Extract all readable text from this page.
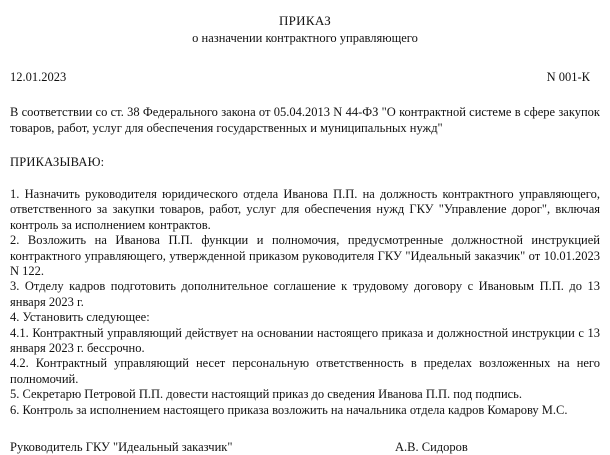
ПРИКАЗ
о назначении контрактного управляющего
12.01.2023	N 001-К

В соответствии со ст. 38 Федерального закона от 05.04.2013 N 44-ФЗ "О контрактной системе в сфере закупок товаров, работ, услуг для обеспечения государственных и муниципальных нужд"

ПРИКАЗЫВАЮ:

1. Назначить руководителя юридического отдела Иванова П.П. на должность контрактного управляющего, ответственного за закупки товаров, работ, услуг для обеспечения нужд ГКУ "Управление дорог", включая контроль за исполнением контрактов.

2. Возложить на Иванова П.П. функции и полномочия, предусмотренные должностной инструкцией контрактного управляющего, утвержденной приказом руководителя ГКУ "Идеальный заказчик" от 10.01.2023 N 122.

3. Отделу кадров подготовить дополнительное соглашение к трудовому договору с Ивановым П.П. до 13 января 2023 г.

4. Установить следующее:

4.1. Контрактный управляющий действует на основании настоящего приказа и должностной инструкции с 13 января 2023 г. бессрочно.

4.2. Контрактный управляющий несет персональную ответственность в пределах возложенных на него полномочий.

5. Секретарю Петровой П.П. довести настоящий приказ до сведения Иванова П.П. под подпись.

6. Контроль за исполнением настоящего приказа возложить на начальника отдела кадров Комарову М.С.

Руководитель ГКУ "Идеальный заказчик"	А.В. Сидоров
